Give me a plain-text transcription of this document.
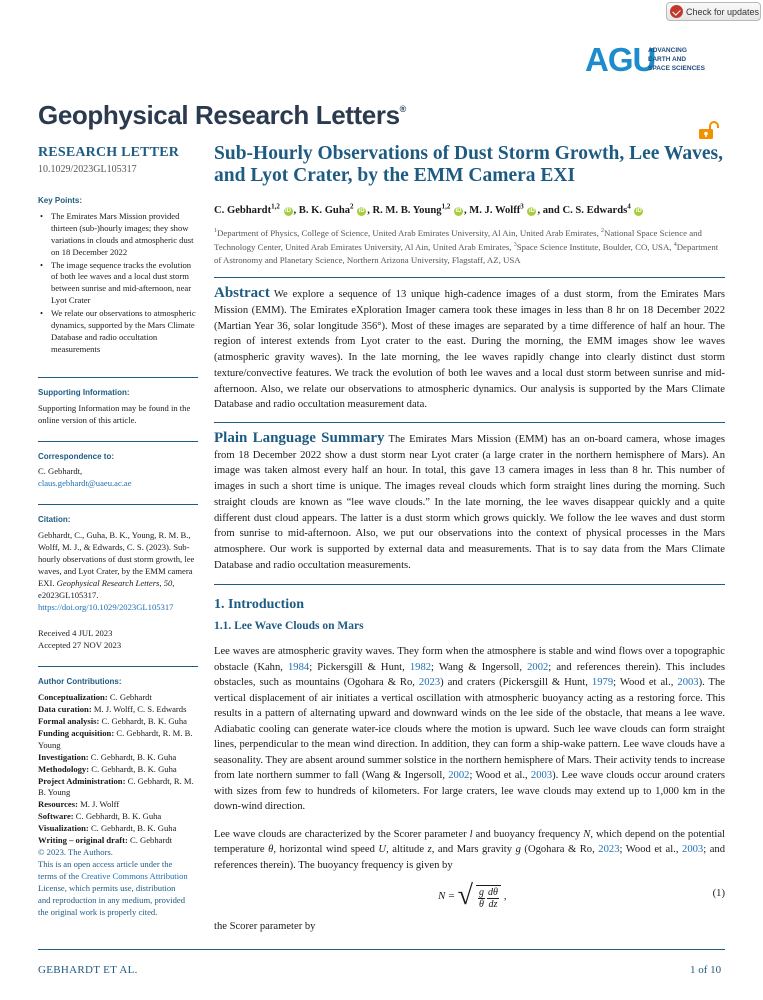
Check for updates
AGU
ADVANCING
EARTH AND
SPACE SCIENCES
Geophysical Research Letters®
RESEARCH LETTER
10.1029/2023GL105317
Key Points:
• The Emirates Mars Mission provided thirteen (sub-)hourly images; they show variations in clouds and atmospheric dust on 18 December 2022
• The image sequence tracks the evolution of both lee waves and a local dust storm between sunrise and mid-afternoon, near Lyot Crater
• We relate our observations to atmospheric dynamics, supported by the Mars Climate Database and radio occultation measurements
Supporting Information:
Supporting Information may be found in the online version of this article.
Correspondence to:
C. Gebhardt,
claus.gebhardt@uaeu.ac.ae
Citation:
Gebhardt, C., Guha, B. K., Young, R. M. B., Wolff, M. J., & Edwards, C. S. (2023). Sub-hourly observations of dust storm growth, lee waves, and Lyot Crater, by the EMM camera EXI. Geophysical Research Letters, 50, e2023GL105317. https://doi.org/10.1029/2023GL105317
Received 4 JUL 2023
Accepted 27 NOV 2023
Author Contributions:
Conceptualization: C. Gebhardt
Data curation: M. J. Wolff, C. S. Edwards
Formal analysis: C. Gebhardt, B. K. Guha
Funding acquisition: C. Gebhardt, R. M. B. Young
Investigation: C. Gebhardt, B. K. Guha
Methodology: C. Gebhardt, B. K. Guha
Project Administration: C. Gebhardt, R. M. B. Young
Resources: M. J. Wolff
Software: C. Gebhardt, B. K. Guha
Visualization: C. Gebhardt, B. K. Guha
Writing – original draft: C. Gebhardt
© 2023. The Authors.
This is an open access article under the terms of the Creative Commons Attribution License, which permits use, distribution and reproduction in any medium, provided the original work is properly cited.
Sub-Hourly Observations of Dust Storm Growth, Lee Waves, and Lyot Crater, by the EMM Camera EXI
C. Gebhardt$^{1,2}$ iD , B. K. Guha$^2$ iD , R. M. B. Young$^{1,2}$ iD , M. J. Wolff$^3$ iD , and C. S. Edwards$^4$ iD
$^1$Department of Physics, College of Science, United Arab Emirates University, Al Ain, United Arab Emirates, $^2$National Space Science and Technology Center, United Arab Emirates University, Al Ain, United Arab Emirates, $^3$Space Science Institute, Boulder, CO, USA, $^4$Department of Astronomy and Planetary Science, Northern Arizona University, Flagstaff, AZ, USA
Abstract We explore a sequence of 13 unique high-cadence images of a dust storm, from the Emirates Mars Mission (EMM). The Emirates eXploration Imager camera took these images in less than 8 hr on 18 December 2022 (Martian Year 36, solar longitude 356°). Most of these images are separated by a time difference of half an hour. The region of interest extends from Lyot crater to the east. During the morning, the EMM images show lee waves (atmospheric gravity waves). In the late morning, the lee waves rapidly change into clearly distinct dust storm texture/convective features. We track the evolution of both lee waves and a local dust storm between sunrise and mid-afternoon. Also, we relate our observations to atmospheric dynamics. Our analysis is supported by the Mars Climate Database and radio occultation measurement data.
Plain Language Summary The Emirates Mars Mission (EMM) has an on-board camera, whose images from 18 December 2022 show a dust storm near Lyot crater (a large crater in the northern hemisphere of Mars). An image was taken almost every half an hour. In total, this gave 13 camera images in less than 8 hr. This number of images in such a short time is unique. The images reveal clouds which form straight lines during the morning. Such straight clouds are known as “lee wave clouds.” In the late morning, the lee waves disappear quickly and a quite different dust cloud appears. The latter is a dust storm which grows quickly. We follow the lee waves and dust storm from sunrise to mid-afternoon. Also, we put our observations into the context of physical processes in the Mars atmosphere. Our work is supported by external data and measurements. That is to say data from the Mars Climate Database and radio occultation measurements.
1. Introduction
1.1. Lee Wave Clouds on Mars
Lee waves are atmospheric gravity waves. They form when the atmosphere is stable and wind flows over a topographic obstacle (Kahn, 1984; Pickersgill & Hunt, 1982; Wang & Ingersoll, 2002; and references therein). This includes obstacles, such as mountains (Ogohara & Ro, 2023) and craters (Pickersgill & Hunt, 1979; Wood et al., 2003). The vertical displacement of air initiates a vertical oscillation with atmospheric buoyancy acting as a restoring force. This results in a pattern of alternating upward and downward winds on the lee side of the obstacle, that means a lee wave. Adiabatic cooling can generate water-ice clouds where the motion is upward. Such lee wave clouds can form straight lines, perpendicular to the mean wind direction. In addition, they can form a ship-wake pattern. Lee wave clouds have a seasonality. They are absent around summer solstice in the northern hemisphere of Mars. Their activity tends to increase from late northern summer to fall (Wang & Ingersoll, 2002; Wood et al., 2003). Lee wave clouds occur around craters with sizes from few to hundreds of kilometers. For large craters, lee wave clouds may extend up to 1,000 km in the down-wind direction.
Lee wave clouds are characterized by the Scorer parameter l and buoyancy frequency N, which depend on the potential temperature θ, horizontal wind speed U, altitude z, and Mars gravity g (Ogohara & Ro, 2023; Wood et al., 2003; and references therein). The buoyancy frequency is given by
N = √ $\frac{g}{\theta} \frac{d\theta}{dz}$ ,	(1)
the Scorer parameter by
GEBHARDT ET AL.	1 of 10
